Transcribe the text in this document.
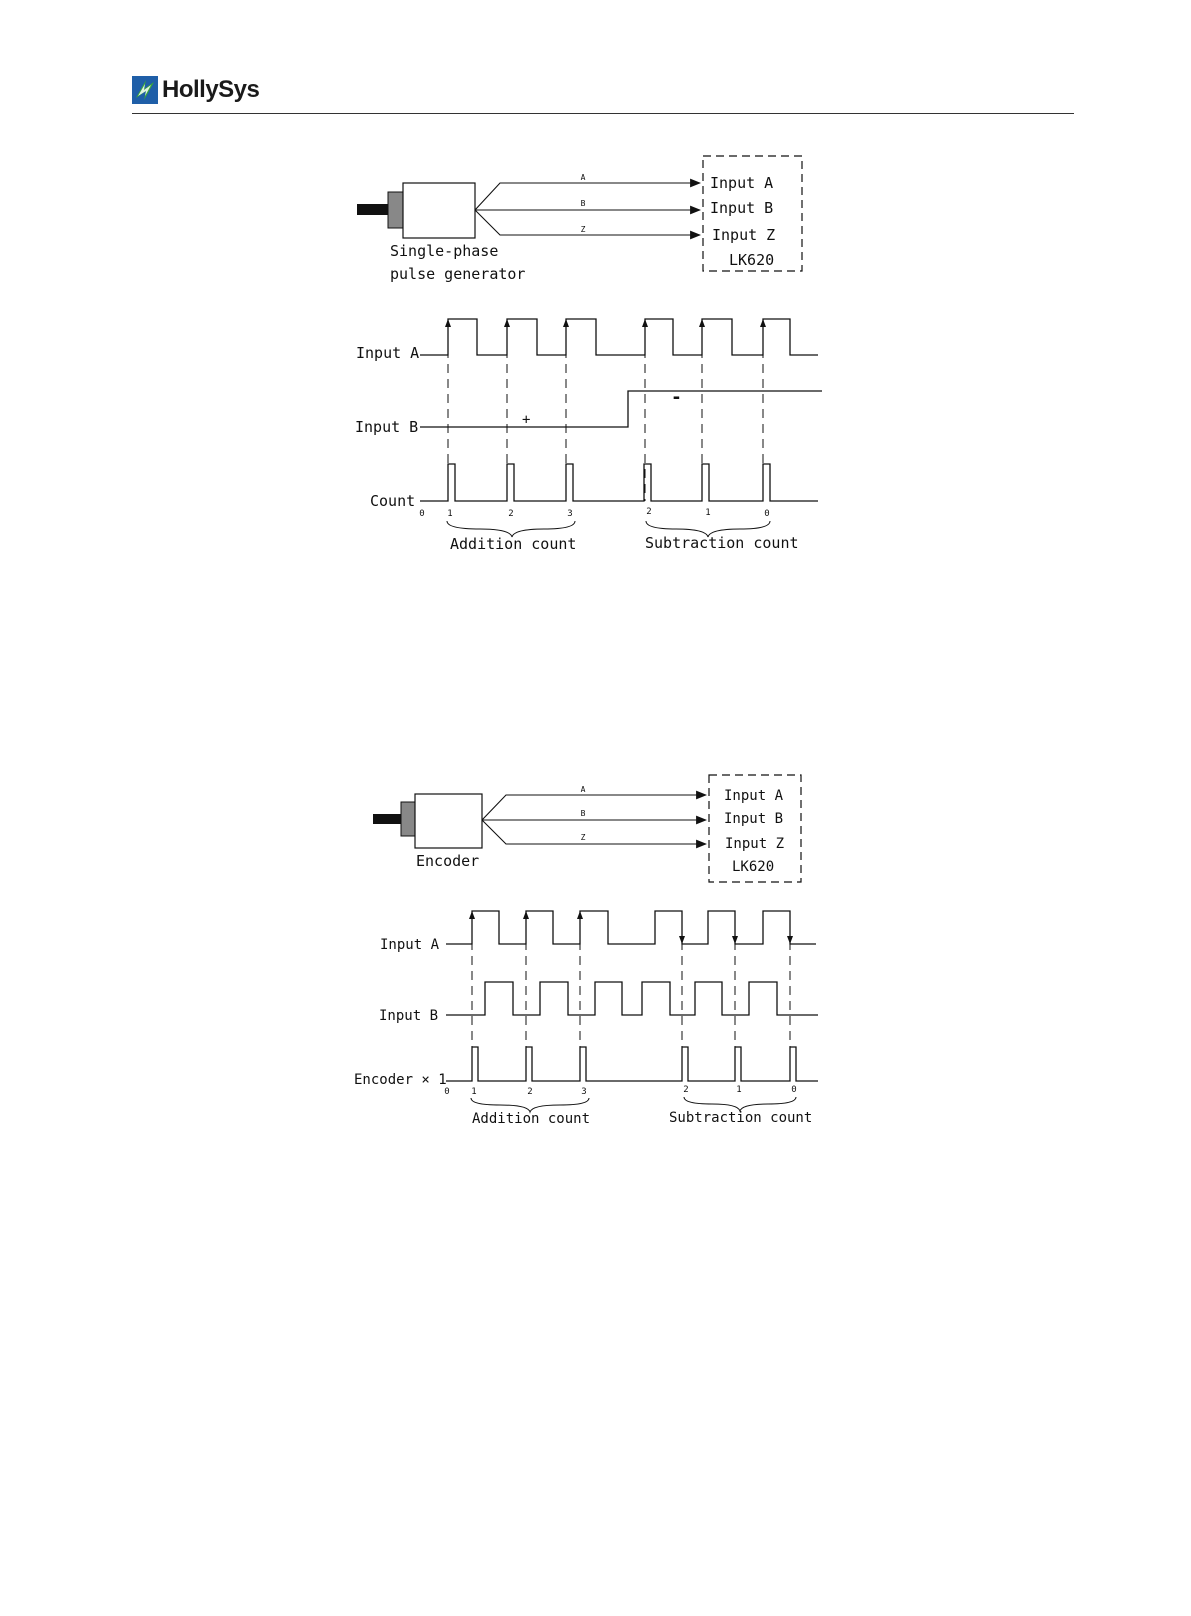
HollySys
Single-phase
pulse generator
A
B
Z
Input A
Input B
Input Z
LK620
Input A
Input B
Count
+
-
0	1	2	3	2	1	0
Addition count	Subtraction count
Encoder
A
B
Z
Input A
Input B
Input Z
LK620
Input A
Input B
Encoder × 1
0 1	2	3	2	1	0
Addition count	Subtraction count
